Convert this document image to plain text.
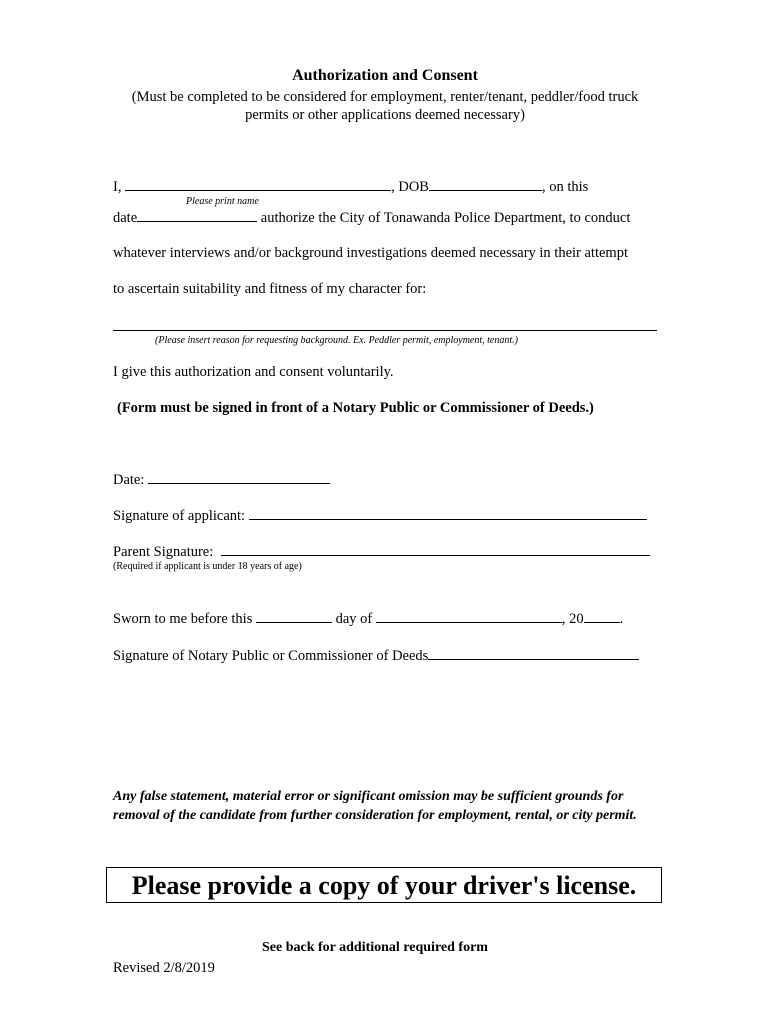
Authorization and Consent
(Must be completed to be considered for employment, renter/tenant, peddler/food truck
permits or other applications deemed necessary)
I,	, DOB	, on this
Please print name
date	authorize the City of Tonawanda Police Department, to conduct
whatever interviews and/or background investigations deemed necessary in their attempt
to ascertain suitability and fitness of my character for:
(Please insert reason for requesting background. Ex. Peddler permit, employment, tenant.)
I give this authorization and consent voluntarily.
(Form must be signed in front of a Notary Public or Commissioner of Deeds.)
Date:
Signature of applicant:
Parent Signature:
(Required if applicant is under 18 years of age)
Sworn to me before this	day of	, 20 .
Signature of Notary Public or Commissioner of Deeds
Any false statement, material error or significant omission may be sufficient grounds for removal of the candidate from further consideration for employment, rental, or city permit.
Please provide a copy of your driver's license.
See back for additional required form
Revised 2/8/2019
